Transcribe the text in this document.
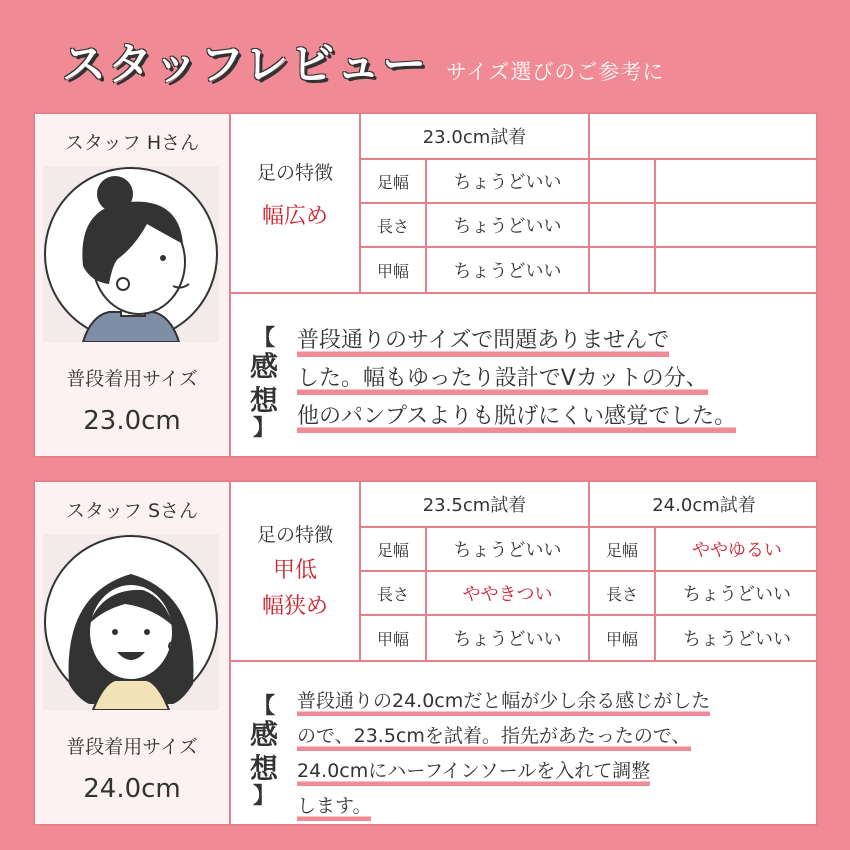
スタッフレビュー サイズ選びのご参考に
スタッフ Hさん
普段着用サイズ
23.0cm
足の特徴
幅広め
23.0cm試着
足幅	ちょうどいい
長さ	ちょうどいい
甲幅	ちょうどいい
【
感
想
】
普段通りのサイズで問題ありませんで
した。幅もゆったり設計でVカットの分、
他のパンプスよりも脱げにくい感覚でした。
スタッフ Sさん
普段着用サイズ
24.0cm
足の特徴
甲低
幅狭め
23.5cm試着	24.0cm試着
足幅	ちょうどいい	足幅	ややゆるい
長さ	ややきつい	長さ	ちょうどいい
甲幅	ちょうどいい	甲幅	ちょうどいい
【
感
想
】
普段通りの24.0cmだと幅が少し余る感じがした
ので、23.5cmを試着。指先があたったので、
24.0cmにハーフインソールを入れて調整
します。
